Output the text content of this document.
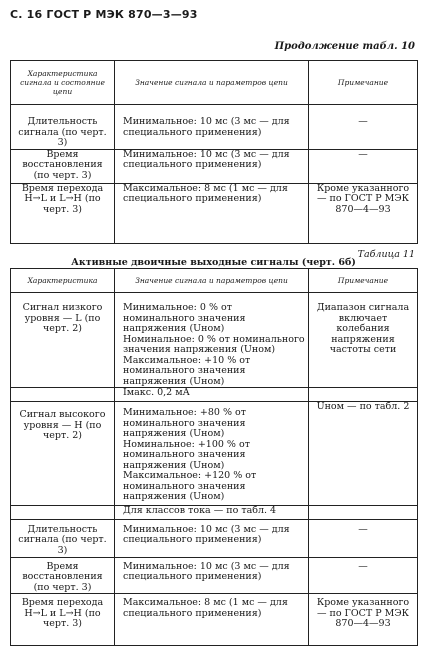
С. 16 ГОСТ Р МЭК 870—3—93
Продолжение табл. 10
Характеристика сигнала и состояние цепи	Значение сигнала и параметров цепи	Примечание
Длительность сигнала (по черт. 3)	Минимальное: 10 мс (3 мс — для специального применения)	—
Время восстановления (по черт. 3)	Минимальное: 10 мс (3 мс — для специального применения)	—
Время перехода H→L и L→H (по черт. 3)	Максимальное: 8 мс (1 мс — для специального применения)	Кроме указанного — по ГОСТ Р МЭК 870—4—93
Таблица 11
Активные двоичные выходные сигналы (черт. 6б)
Характеристика	Значение сигнала и параметров цепи	Примечание
Сигнал низкого уровня — L (по черт. 2)	Минимальное: 0 % от номинального значения напряжения (Uном)
Номинальное: 0 % от номинального значения напряжения (Uном)
Максимальное: +10 % от номинального значения напряжения (Uном)	Диапазон сигнала включает колебания напряжения частоты сети
	Iмакс. 0,2 мА	
Сигнал высокого уровня — H (по черт. 2)	Минимальное: +80 % от номинального значения напряжения (Uном)
Номинальное: +100 % от номинального значения напряжения (Uном)
Максимальное: +120 % от номинального значения напряжения (Uном)	Uном — по табл. 2
	Для классов тока — по табл. 4	
Длительность сигнала (по черт. 3)	Минимальное: 10 мс (3 мс — для специального применения)	—
Время восстановления (по черт. 3)	Минимальное: 10 мс (3 мс — для специального применения)	—
Время перехода H→L и L→H (по черт. 3)	Максимальное: 8 мс (1 мс — для специального применения)	Кроме указанного — по ГОСТ Р МЭК 870—4—93
